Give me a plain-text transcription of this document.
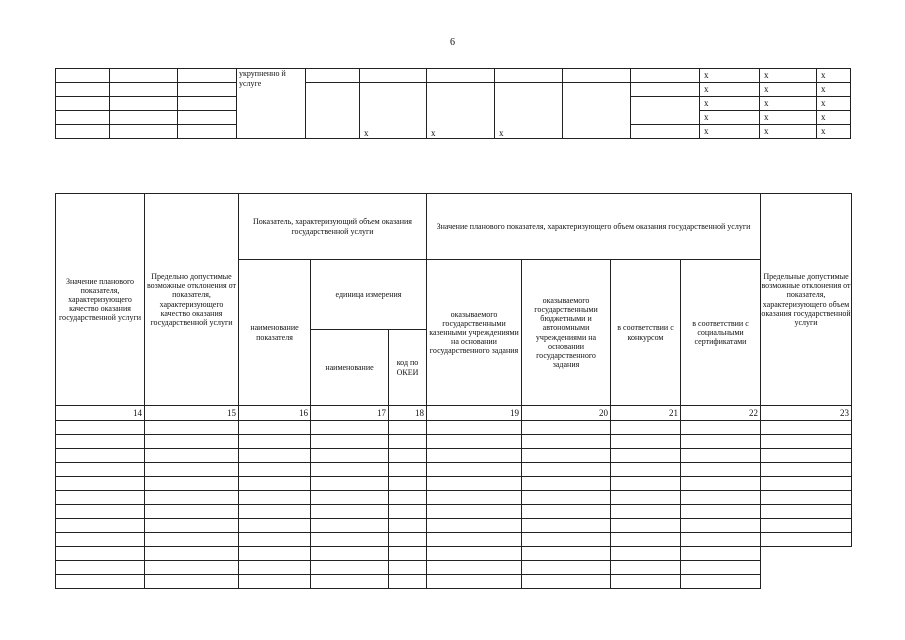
6
			укрупненно й услуге							х	х	х
					х	х	х			х	х	х
										х	х	х
										х	х	х
										х	х	х
Значение планового показателя, характеризующего качество оказания государственной услуги	Предельно допустимые возможные отклонения от показателя, характеризующего качество оказания государственной услуги	Показатель, характеризующий объем оказания государственной услуги			Значение планового показателя, характеризующего объем оказания государственной услуги				Предельные допустимые возможные отклонения от показателя, характеризующего объем оказания государственной услуги
		наименование показателя	единица измерения		оказываемого государственными казенными учреждениями на основании государственного задания	оказываемого государственными бюджетными и автономными учреждениями на основании государственного задания	в соответствии с конкурсом	в соответствии с социальными сертификатами	
			наименование	код по ОКЕИ					
14	15	16	17	18	19	20	21	22	23
